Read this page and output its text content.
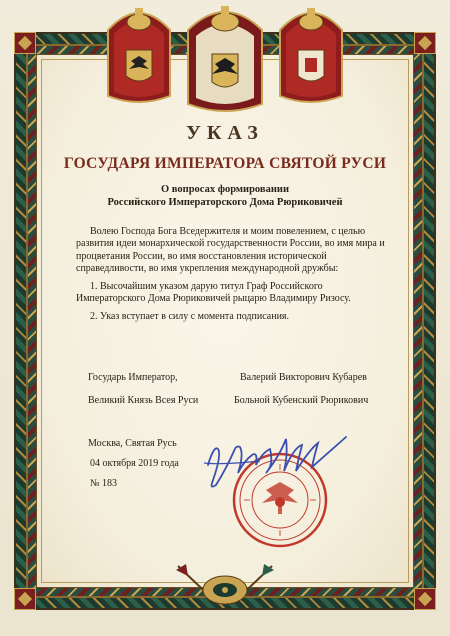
УКАЗ
ГОСУДАРЯ ИМПЕРАТОРА СВЯТОЙ РУСИ
О вопросах формировании
Российского Императорского Дома Рюриковичей
Волею Господа Бога Вседержителя и моим повелением, с целью развития идеи монархической государственности России, во имя мира и процветания России, во имя восстановления исторической справедливости, во имя укрепления международной дружбы:
1. Высочайшим указом дарую титул Граф Российского Императорского Дома Рюриковичей рыцарю Владимиру Ризосу.
2. Указ вступает в силу с момента подписания.
Государь Император,
Великий Князь Всея Руси
Валерий Викторович Кубарев
Больной Кубенский Рюрикович
Москва, Святая Русь
04 октября 2019 года
№ 183
